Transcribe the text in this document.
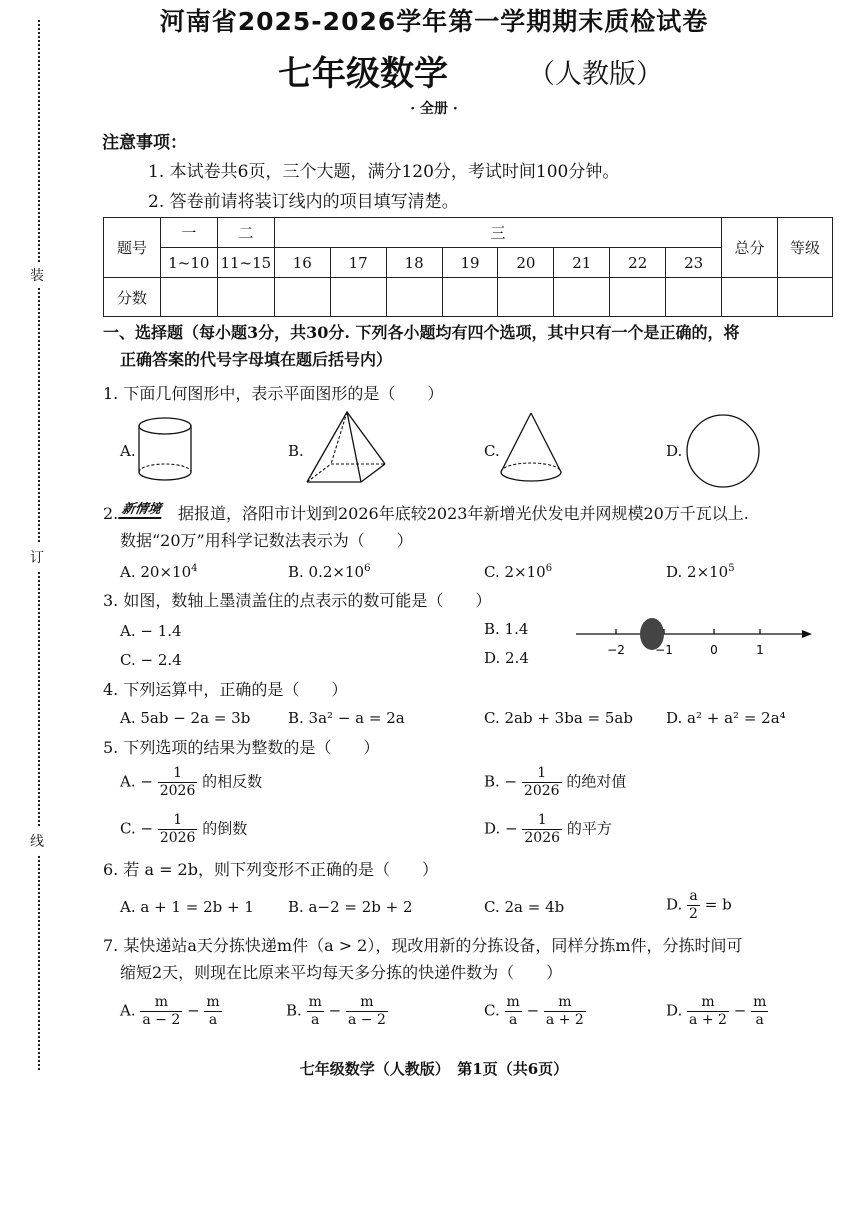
装
订
线
河南省2025-2026学年第一学期期末质检试卷
七年级数学	（人教版）
· 全册 ·
注意事项：
1. 本试卷共6页，三个大题，满分120分，考试时间100分钟。
2. 答卷前请将装订线内的项目填写清楚。
题号	一	二	三								总分	等级
	1~10	11~15	16	17	18	19	20	21	22	23		
分数												
一、选择题（每小题3分，共30分. 下列各小题均有四个选项，其中只有一个是正确的，将
正确答案的代号字母填在题后括号内）
1. 下面几何图形中，表示平面图形的是（　　）
A.	B.	C.	D.
2. 新情境 据报道，洛阳市计划到2026年底较2023年新增光伏发电并网规模20万千瓦以上.
数据“20万”用科学记数法表示为（　　）
A. $20\times 10^4$	B. $0.2\times 10^6$	C. $2\times 10^6$	D. $2\times 10^5$
3. 如图，数轴上墨渍盖住的点表示的数可能是（　　）
A. − 1.4	B. 1.4
C. − 2.4	D. 2.4	−2	−1	0	1
4. 下列运算中，正确的是（　　）
A. 5ab − 2a = 3b	B. 3a² − a = 2a	C. 2ab + 3ba = 5ab D. a² + a² = 2a⁴
5. 下列选项的结果为整数的是（　　）
A. − $\frac{1}{2026}$ 的相反数	B. − $\frac{1}{2026}$ 的绝对值
C. − $\frac{1}{2026}$ 的倒数	D. − $\frac{1}{2026}$ 的平方
6. 若 a = 2b，则下列变形不正确的是（　　）
A. a + 1 = 2b + 1 B. a−2 = 2b + 2	C. 2a = 4b	D. $\frac{a}{2} = b$
7. 某快递站a天分拣快递m件（a > 2），现改用新的分拣设备，同样分拣m件，分拣时间可
缩短2天，则现在比原来平均每天多分拣的快递件数为（　　）
A. $\frac{m}{a - 2} - \frac{m}{a}$	B. $\frac{m}{a} - \frac{m}{a - 2}$	C. $\frac{m}{a} - \frac{m}{a + 2}$	D. $\frac{m}{a + 2} - \frac{m}{a}$
七年级数学（人教版）　第1页（共6页）
